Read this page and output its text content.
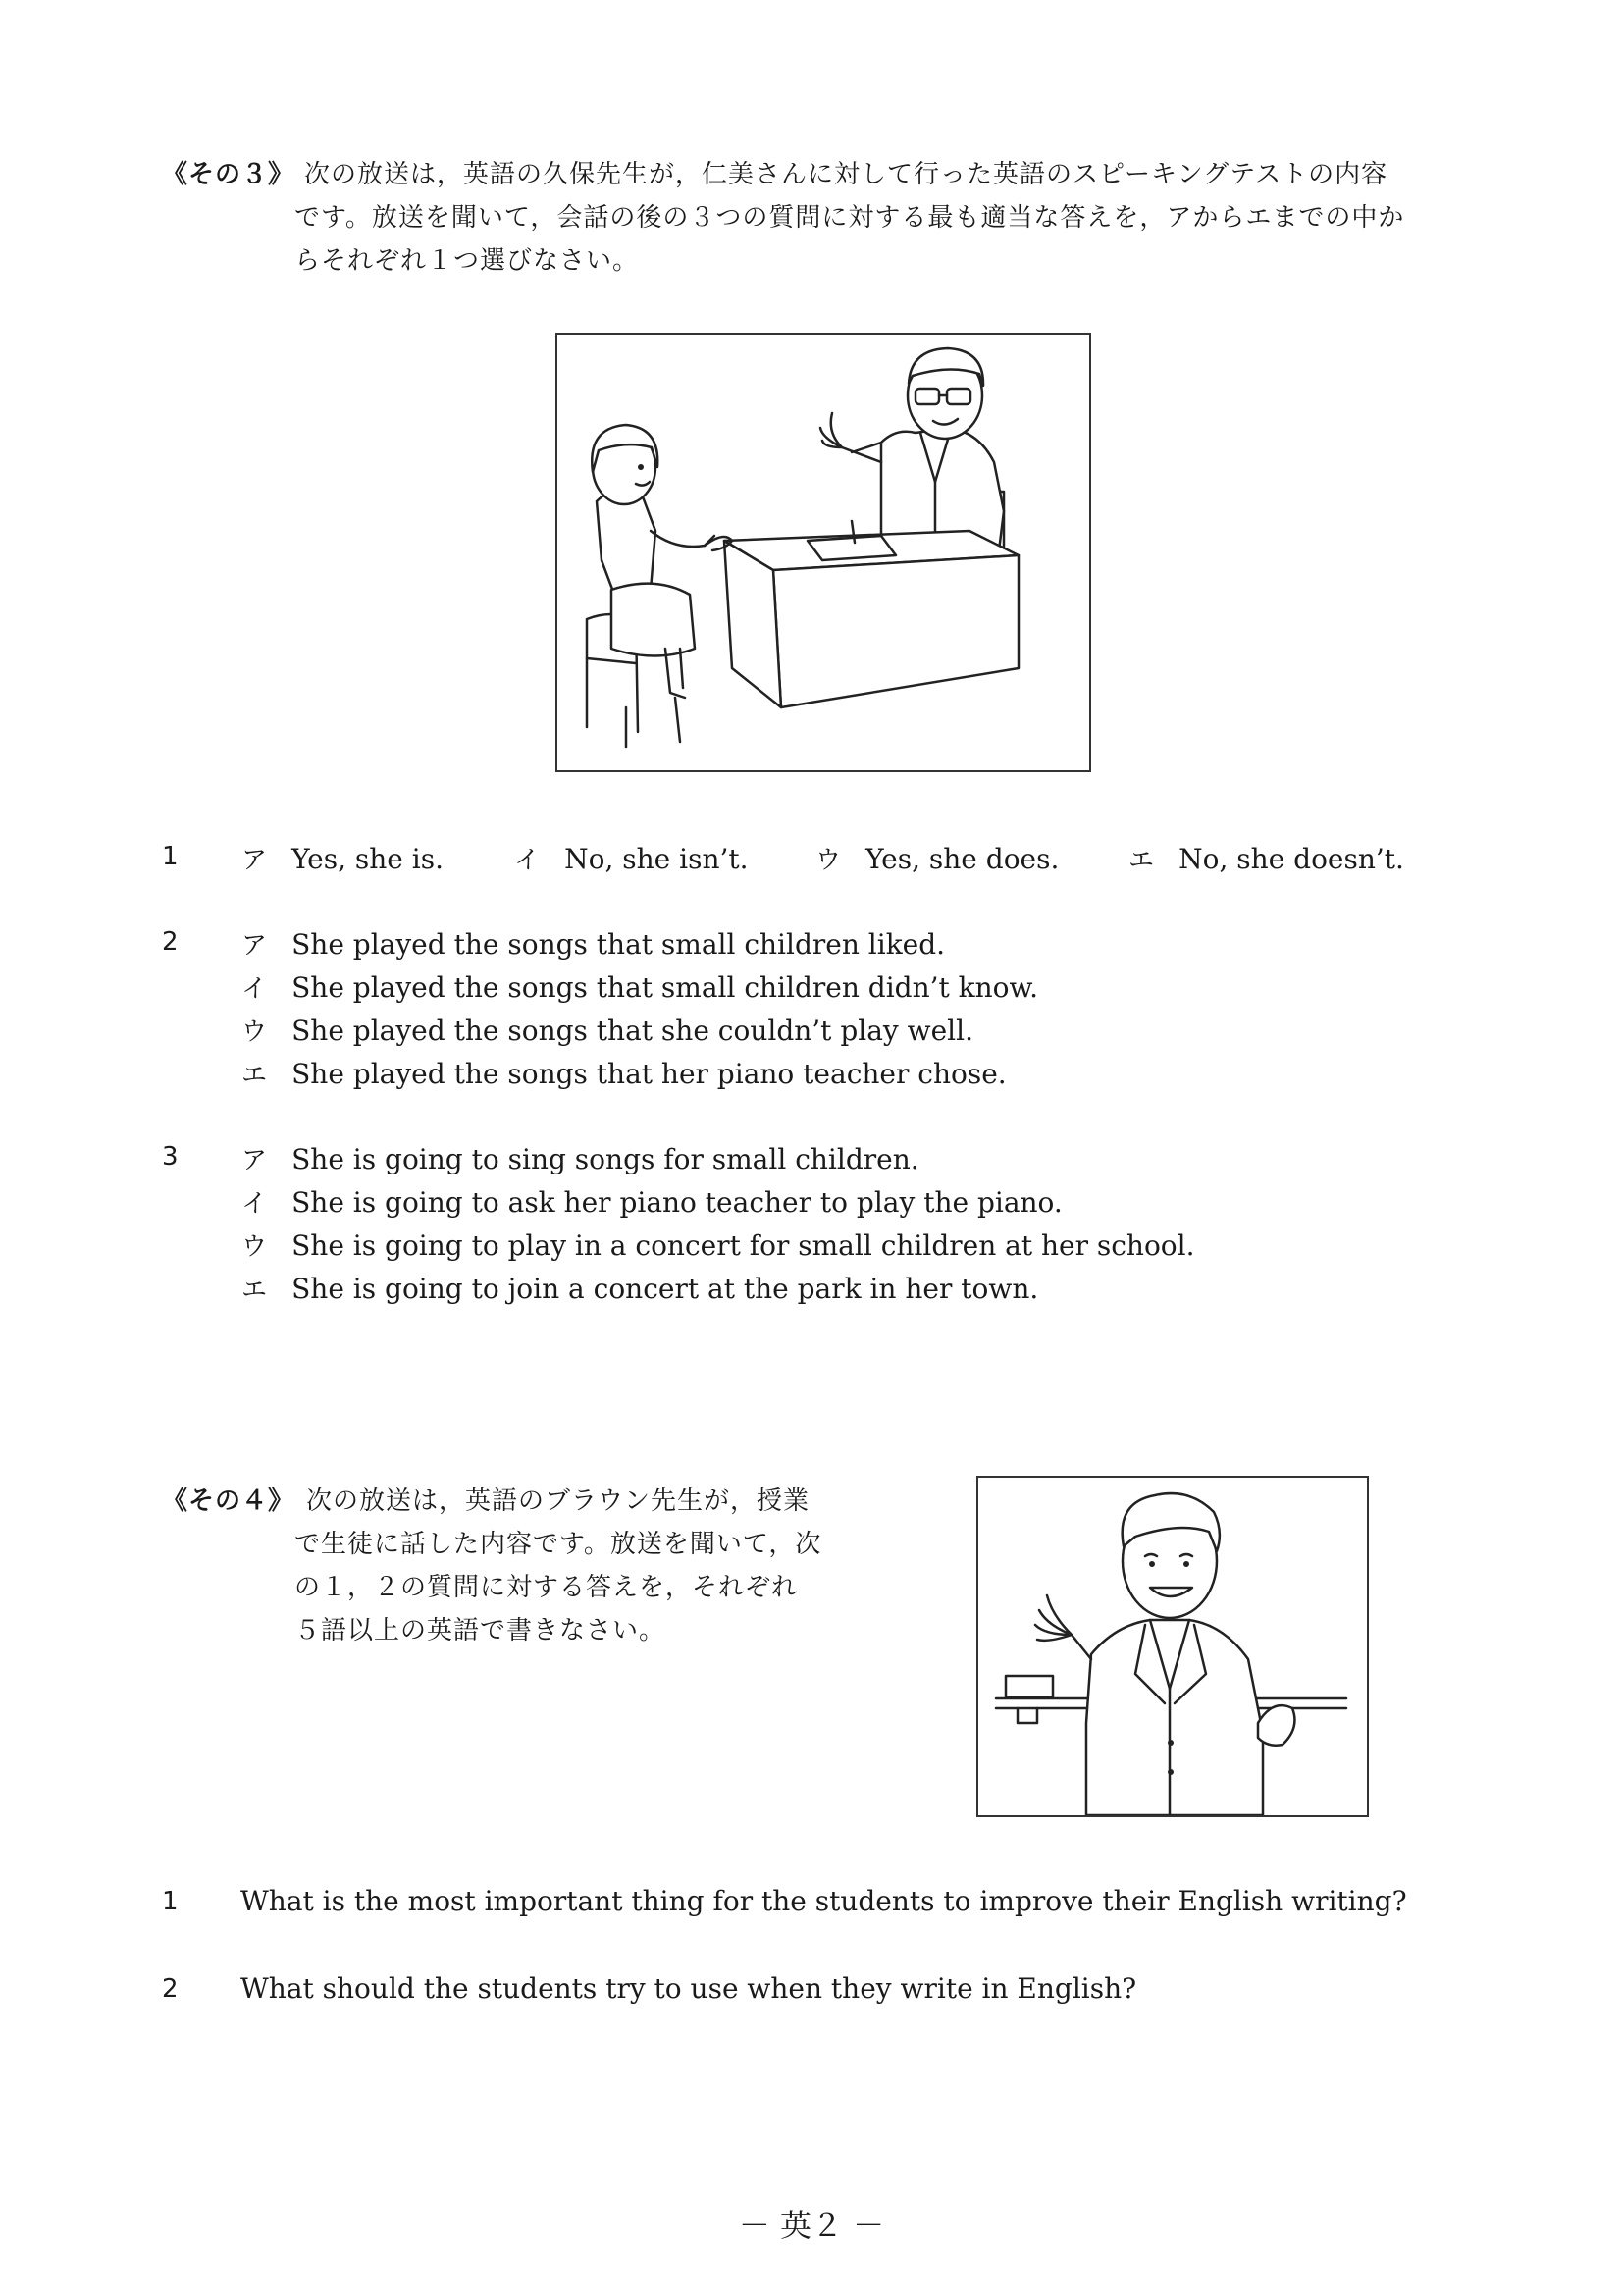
《その３》 次の放送は，英語の久保先生が，仁美さんに対して行った英語のスピーキングテストの内容
です。放送を聞いて，会話の後の３つの質問に対する最も適当な答えを，アからエまでの中か
らそれぞれ１つ選びなさい。
1 ア Yes, she is.	イ No, she isn’t.	ウ Yes, she does.	エ No, she doesn’t.
2 ア She played the songs that small children liked.
イ She played the songs that small children didn’t know.
ウ She played the songs that she couldn’t play well.
エ She played the songs that her piano teacher chose.
3 ア She is going to sing songs for small children.
イ She is going to ask her piano teacher to play the piano.
ウ She is going to play in a concert for small children at her school.
エ She is going to join a concert at the park in her town.
《その４》 次の放送は，英語のブラウン先生が，授業
で生徒に話した内容です。放送を聞いて，次
の１，２の質問に対する答えを，それぞれ
５語以上の英語で書きなさい。
1 What is the most important thing for the students to improve their English writing?
2 What should the students try to use when they write in English?
－ 英２ －
